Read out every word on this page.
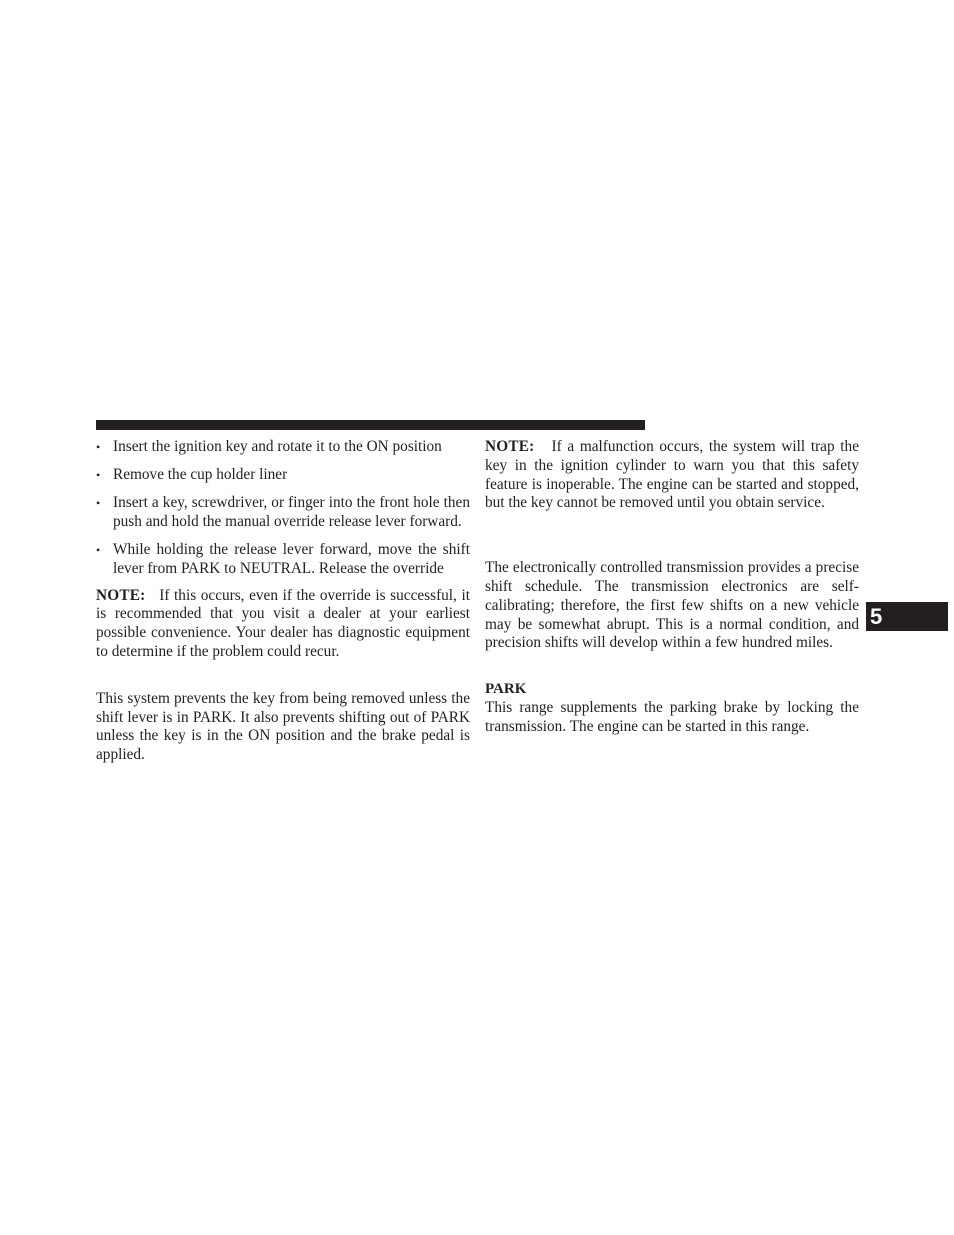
• Insert the ignition key and rotate it to the ON position
• Remove the cup holder liner
• Insert a key, screwdriver, or finger into the front hole then push and hold the manual override release lever forward.
• While holding the release lever forward, move the shift lever from PARK to NEUTRAL. Release the override

NOTE: If this occurs, even if the override is successful, it is recommended that you visit a dealer at your earliest possible convenience. Your dealer has diagnostic equipment to determine if the problem could recur.

This system prevents the key from being removed unless the shift lever is in PARK. It also prevents shifting out of PARK unless the key is in the ON position and the brake pedal is applied.

NOTE: If a malfunction occurs, the system will trap the key in the ignition cylinder to warn you that this safety feature is inoperable. The engine can be started and stopped, but the key cannot be removed until you obtain service.

The electronically controlled transmission provides a precise shift schedule. The transmission electronics are self-calibrating; therefore, the first few shifts on a new vehicle may be somewhat abrupt. This is a normal condition, and precision shifts will develop within a few hundred miles.

PARK

This range supplements the parking brake by locking the transmission. The engine can be started in this range.

5
